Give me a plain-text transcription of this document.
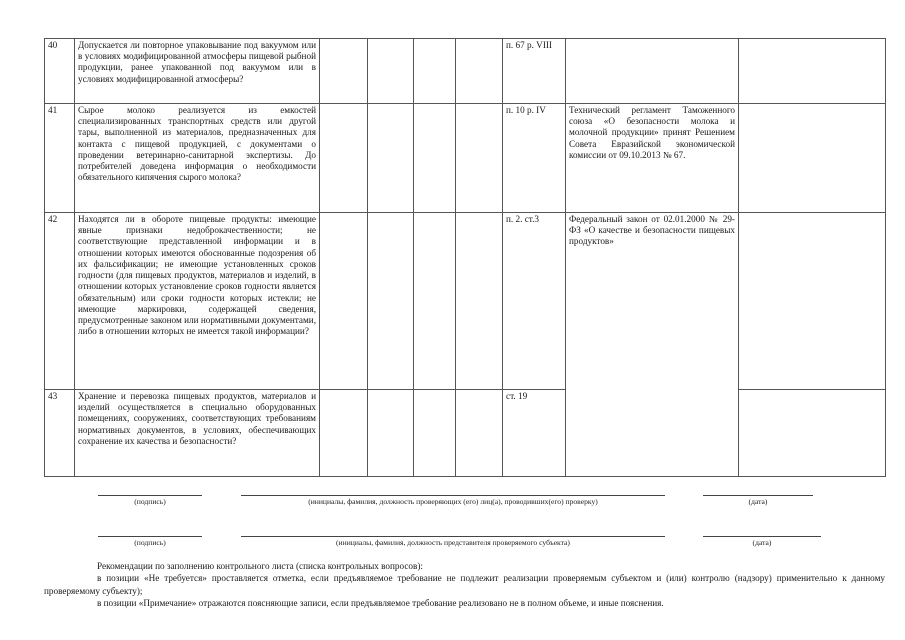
40	Допускается ли повторное упаковывание под вакуумом или в условиях модифицированной атмосферы пищевой рыбной продукции, ранее упакованной под вакуумом или в условиях модифицированной атмосферы?					п. 67 р. VIII		
41	Сырое молоко реализуется из емкостей специализированных транспортных средств или другой тары, выполненной из материалов, предназначенных для контакта с пищевой продукцией, с документами о проведении ветеринарно-санитарной экспертизы. До потребителей доведена информация о необходимости обязательного кипячения сырого молока?					п. 10 р. IV	Технический регламент Таможенного союза «О безопасности молока и молочной продукции» принят Решением Совета Евразийской экономической комиссии от 09.10.2013 № 67.	
42	Находятся ли в обороте пищевые продукты: имеющие явные признаки недоброкачественности; не соответствующие представленной информации и в отношении которых имеются обоснованные подозрения об их фальсификации; не имеющие установленных сроков годности (для пищевых продуктов, материалов и изделий, в отношении которых установление сроков годности является обязательным) или сроки годности которых истекли; не имеющие маркировки, содержащей сведения, предусмотренные законом или нормативными документами, либо в отношении которых не имеется такой информации?					п. 2. ст.3	Федеральный закон от 02.01.2000 № 29-ФЗ «О качестве и безопасности пищевых продуктов»	
43	Хранение и перевозка пищевых продуктов, материалов и изделий осуществляется в специально оборудованных помещениях, сооружениях, соответствующих требованиям нормативных документов, в условиях, обеспечивающих сохранение их качества и безопасности?					ст. 19		
(подпись)	(инициалы, фамилия, должность проверяющих (его) лиц(а), проводивших(его) проверку)	(дата)
(подпись)	(инициалы, фамилия, должность представителя проверяемого субъекта)	(дата)

Рекомендации по заполнению контрольного листа (списка контрольных вопросов):

в позиции «Не требуется» проставляется отметка, если предъявляемое требование не подлежит реализации проверяемым субъектом и (или) контролю (надзору) применительно к данному проверяемому субъекту);

в позиции «Примечание» отражаются поясняющие записи, если предъявляемое требование реализовано не в полном объеме, и иные пояснения.
